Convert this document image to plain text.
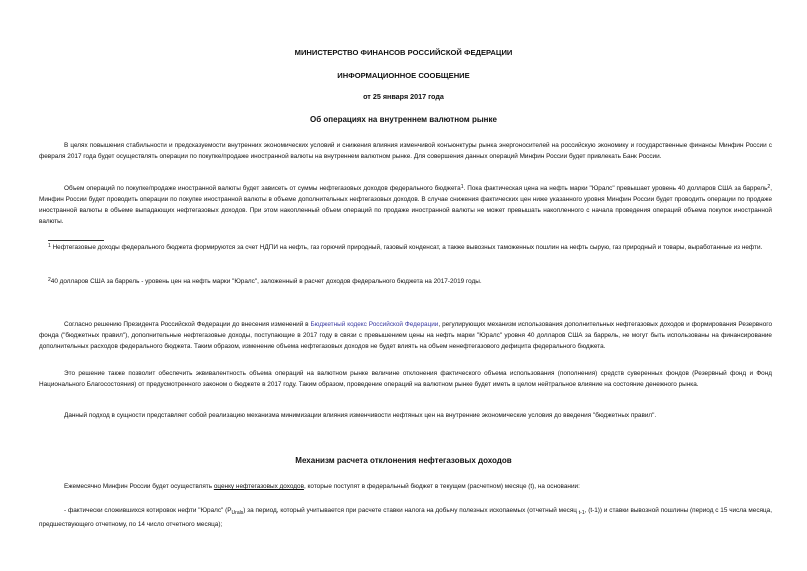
МИНИСТЕРСТВО ФИНАНСОВ РОССИЙСКОЙ ФЕДЕРАЦИИ
ИНФОРМАЦИОННОЕ СООБЩЕНИЕ
от 25 января 2017 года
Об операциях на внутреннем валютном рынке

В целях повышения стабильности и предсказуемости внутренних экономических условий и снижения влияния изменчивой конъюнктуры рынка энергоносителей на российскую экономику и государственные финансы Минфин России с февраля 2017 года будет осуществлять операции по покупке/продаже иностранной валюты на внутреннем валютном рынке. Для совершения данных операций Минфин России будет привлекать Банк России.

Объем операций по покупке/продаже иностранной валюты будет зависеть от суммы нефтегазовых доходов федерального бюджета$^1$. Пока фактическая цена на нефть марки "Юралс" превышает уровень 40 долларов США за баррель$^2$, Минфин России будет проводить операции по покупке иностранной валюты в объеме дополнительных нефтегазовых доходов. В случае снижения фактических цен ниже указанного уровня Минфин России будет проводить операции по продаже иностранной валюты в объеме выпадающих нефтегазовых доходов. При этом накопленный объем операций по продаже иностранной валюты не может превышать накопленного с начала проведения операций объема покупок иностранной валюты.

$^1$ Нефтегазовые доходы федерального бюджета формируются за счет НДПИ на нефть, газ горючий природный, газовый конденсат, а также вывозных таможенных пошлин на нефть сырую, газ природный и товары, выработанные из нефти.

$^2$40 долларов США за баррель - уровень цен на нефть марки "Юралс", заложенный в расчет доходов федерального бюджета на 2017-2019 годы.

Согласно решению Президента Российской Федерации до внесения изменений в Бюджетный кодекс Российской Федерации, регулирующих механизм использования дополнительных нефтегазовых доходов и формирования Резервного фонда ("бюджетных правил"), дополнительные нефтегазовые доходы, поступающие в 2017 году в связи с превышением цены на нефть марки "Юралс" уровня 40 долларов США за баррель, не могут быть использованы на финансирование дополнительных расходов федерального бюджета. Таким образом, изменение объема нефтегазовых доходов не будет влиять на объем ненефтегазового дефицита федерального бюджета.

Это решение также позволит обеспечить эквивалентность объема операций на валютном рынке величине отклонения фактического объема использования (пополнения) средств суверенных фондов (Резервный фонд и Фонд Национального Благосостояния) от предусмотренного законом о бюджете в 2017 году. Таким образом, проведение операций на валютном рынке будет иметь в целом нейтральное влияние на состояние денежного рынка.

Данный подход в сущности представляет собой реализацию механизма минимизации влияния изменчивости нефтяных цен на внутренние экономические условия до введения "бюджетных правил".

Механизм расчета отклонения нефтегазовых доходов

Ежемесячно Минфин России будет осуществлять оценку нефтегазовых доходов, которые поступят в федеральный бюджет в текущем (расчетном) месяце (t), на основании:

- фактически сложившихся котировок нефти "Юралс" $(P_{Urals})$ за период, который учитывается при расчете ставки налога на добычу полезных ископаемых (отчетный месяц $_{t-1}$, (t-1)) и ставки вывозной пошлины (период с 15 числа месяца, предшествующего отчетному, по 14 число отчетного месяца);
